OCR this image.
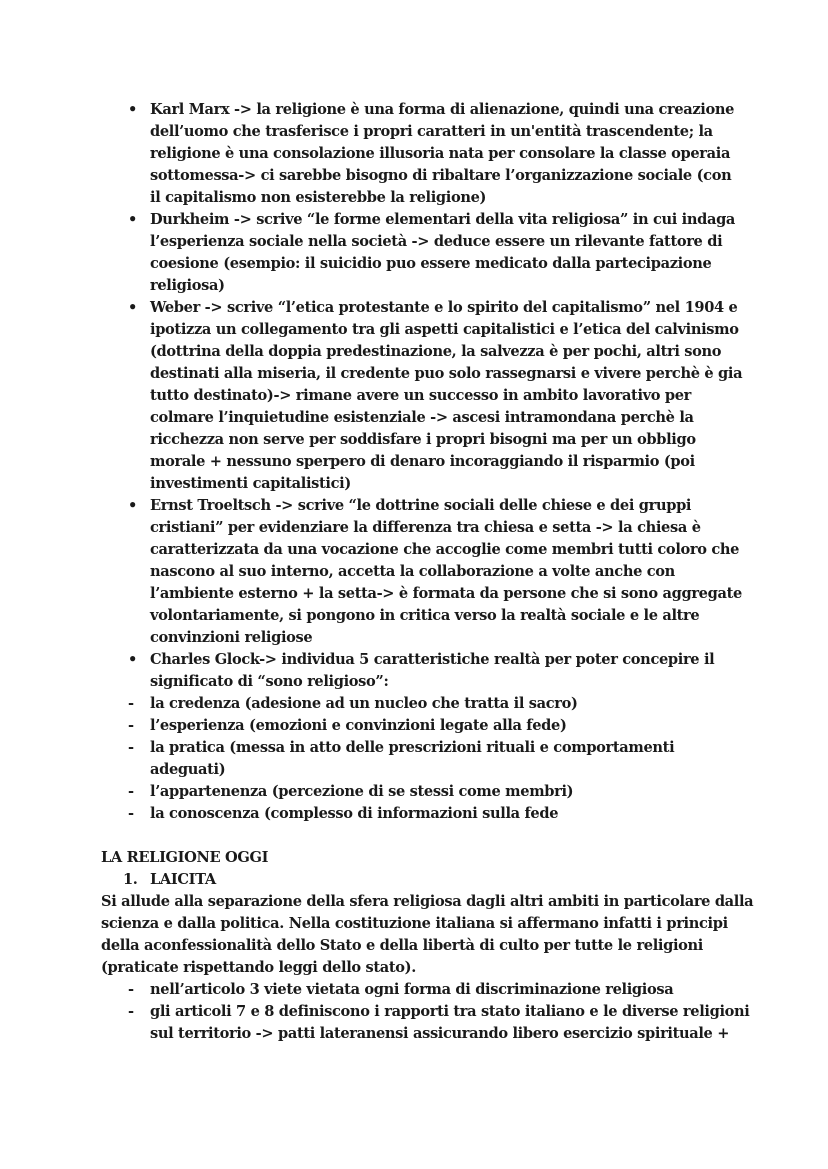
• Karl Marx -> la religione è una forma di alienazione, quindi una creazione
dell’uomo che trasferisce i propri caratteri in un'entità trascendente; la
religione è una consolazione illusoria nata per consolare la classe operaia
sottomessa-> ci sarebbe bisogno di ribaltare l’organizzazione sociale (con
il capitalismo non esisterebbe la religione)
• Durkheim -> scrive “le forme elementari della vita religiosa” in cui indaga
l’esperienza sociale nella società -> deduce essere un rilevante fattore di
coesione (esempio: il suicidio puo essere medicato dalla partecipazione
religiosa)
• Weber -> scrive “l’etica protestante e lo spirito del capitalismo” nel 1904 e
ipotizza un collegamento tra gli aspetti capitalistici e l’etica del calvinismo
(dottrina della doppia predestinazione, la salvezza è per pochi, altri sono
destinati alla miseria, il credente puo solo rassegnarsi e vivere perchè è gia
tutto destinato)-> rimane avere un successo in ambito lavorativo per
colmare l’inquietudine esistenziale -> ascesi intramondana perchè la
ricchezza non serve per soddisfare i propri bisogni ma per un obbligo
morale + nessuno sperpero di denaro incoraggiando il risparmio (poi
investimenti capitalistici)
• Ernst Troeltsch -> scrive “le dottrine sociali delle chiese e dei gruppi
cristiani” per evidenziare la differenza tra chiesa e setta -> la chiesa è
caratterizzata da una vocazione che accoglie come membri tutti coloro che
nascono al suo interno, accetta la collaborazione a volte anche con
l’ambiente esterno + la setta-> è formata da persone che si sono aggregate
volontariamente, si pongono in critica verso la realtà sociale e le altre
convinzioni religiose
• Charles Glock-> individua 5 caratteristiche realtà per poter concepire il
significato di “sono religioso”:
- la credenza (adesione ad un nucleo che tratta il sacro)
- l’esperienza (emozioni e convinzioni legate alla fede)
- la pratica (messa in atto delle prescrizioni rituali e comportamenti
adeguati)
- l’appartenenza (percezione di se stessi come membri)
- la conoscenza (complesso di informazioni sulla fede
LA RELIGIONE OGGI
1. LAICITA
Si allude alla separazione della sfera religiosa dagli altri ambiti in particolare dalla
scienza e dalla politica. Nella costituzione italiana si affermano infatti i principi
della aconfessionalità dello Stato e della libertà di culto per tutte le religioni
(praticate rispettando leggi dello stato).
- nell’articolo 3 viete vietata ogni forma di discriminazione religiosa
- gli articoli 7 e 8 definiscono i rapporti tra stato italiano e le diverse religioni
sul territorio -> patti lateranensi assicurando libero esercizio spirituale +
